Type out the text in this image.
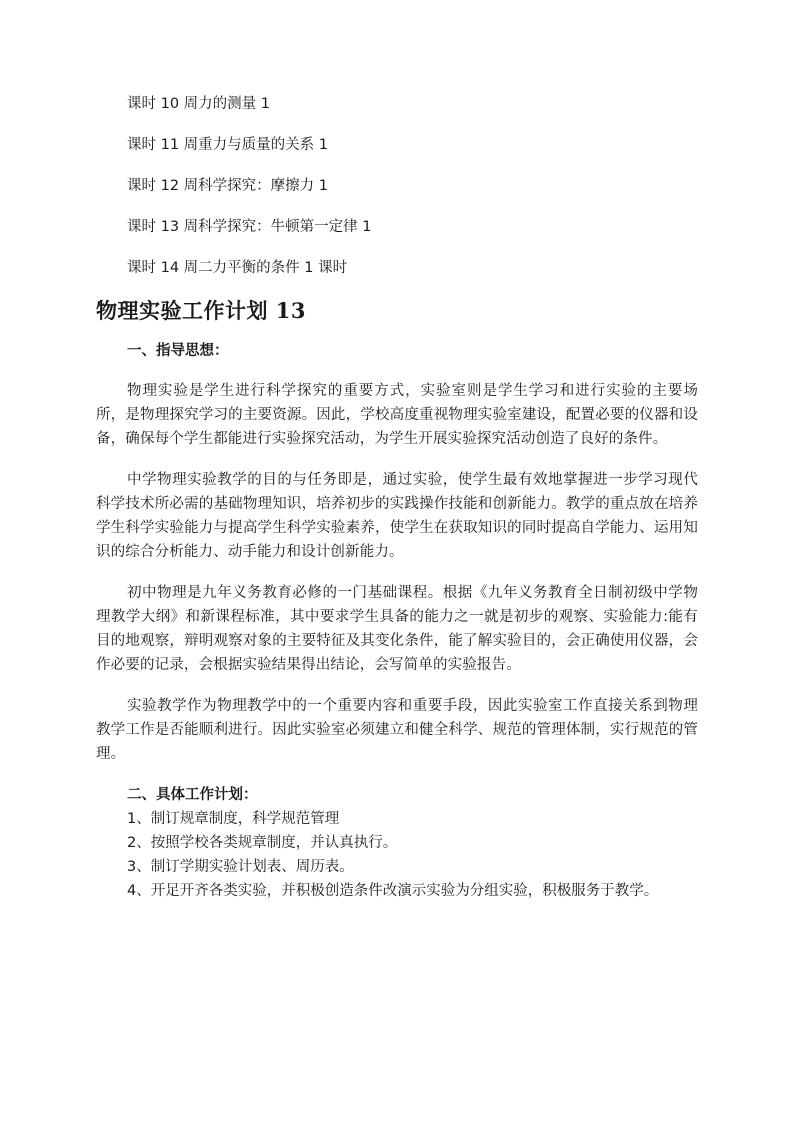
课时 10 周力的测量 1

课时 11 周重力与质量的关系 1

课时 12 周科学探究：摩擦力 1

课时 13 周科学探究：牛顿第一定律 1

课时 14 周二力平衡的条件 1 课时

物理实验工作计划 13
一、指导思想：

物理实验是学生进行科学探究的重要方式，实验室则是学生学习和进行实验的主要场所，是物理探究学习的主要资源。因此，学校高度重视物理实验室建设，配置必要的仪器和设备，确保每个学生都能进行实验探究活动，为学生开展实验探究活动创造了良好的条件。

中学物理实验教学的目的与任务即是，通过实验，使学生最有效地掌握进一步学习现代科学技术所必需的基础物理知识，培养初步的实践操作技能和创新能力。教学的重点放在培养学生科学实验能力与提高学生科学实验素养，使学生在获取知识的同时提高自学能力、运用知识的综合分析能力、动手能力和设计创新能力。

初中物理是九年义务教育必修的一门基础课程。根据《九年义务教育全日制初级中学物理教学大纲》和新课程标准，其中要求学生具备的能力之一就是初步的观察、实验能力:能有目的地观察，辩明观察对象的主要特征及其变化条件，能了解实验目的，会正确使用仪器，会作必要的记录，会根据实验结果得出结论，会写简单的实验报告。

实验教学作为物理教学中的一个重要内容和重要手段，因此实验室工作直接关系到物理教学工作是否能顺利进行。因此实验室必须建立和健全科学、规范的管理体制，实行规范的管理。

二、具体工作计划：

1、制订规章制度，科学规范管理

2、按照学校各类规章制度，并认真执行。

3、制订学期实验计划表、周历表。

4、开足开齐各类实验，并积极创造条件改演示实验为分组实验，积极服务于教学。
